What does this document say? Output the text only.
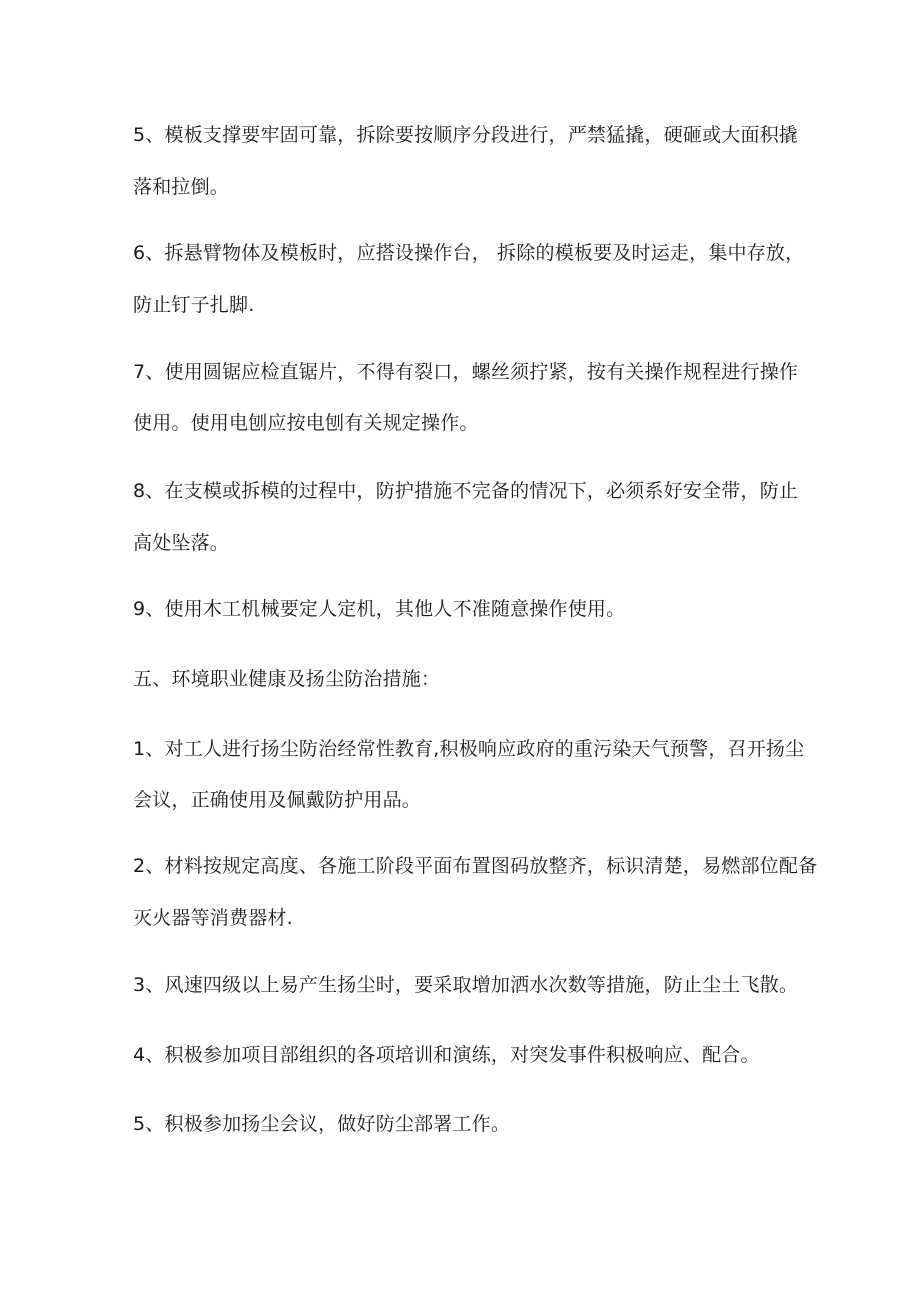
5、模板支撑要牢固可靠，拆除要按顺序分段进行，严禁猛撬，硬砸或大面积撬
落和拉倒。
6、拆悬臂物体及模板时，应搭设操作台， 拆除的模板要及时运走，集中存放，
防止钉子扎脚.
7、使用圆锯应检直锯片，不得有裂口，螺丝须拧紧，按有关操作规程进行操作
使用。使用电刨应按电刨有关规定操作。
8、在支模或拆模的过程中，防护措施不完备的情况下，必须系好安全带，防止
高处坠落。
9、使用木工机械要定人定机，其他人不准随意操作使用。
五、环境职业健康及扬尘防治措施：
1、对工人进行扬尘防治经常性教育,积极响应政府的重污染天气预警，召开扬尘
会议，正确使用及佩戴防护用品。
2、材料按规定高度、各施工阶段平面布置图码放整齐，标识清楚，易燃部位配备
灭火器等消费器材.
3、风速四级以上易产生扬尘时，要采取增加洒水次数等措施，防止尘土飞散。
4、积极参加项目部组织的各项培训和演练，对突发事件积极响应、配合。
5、积极参加扬尘会议，做好防尘部署工作。
